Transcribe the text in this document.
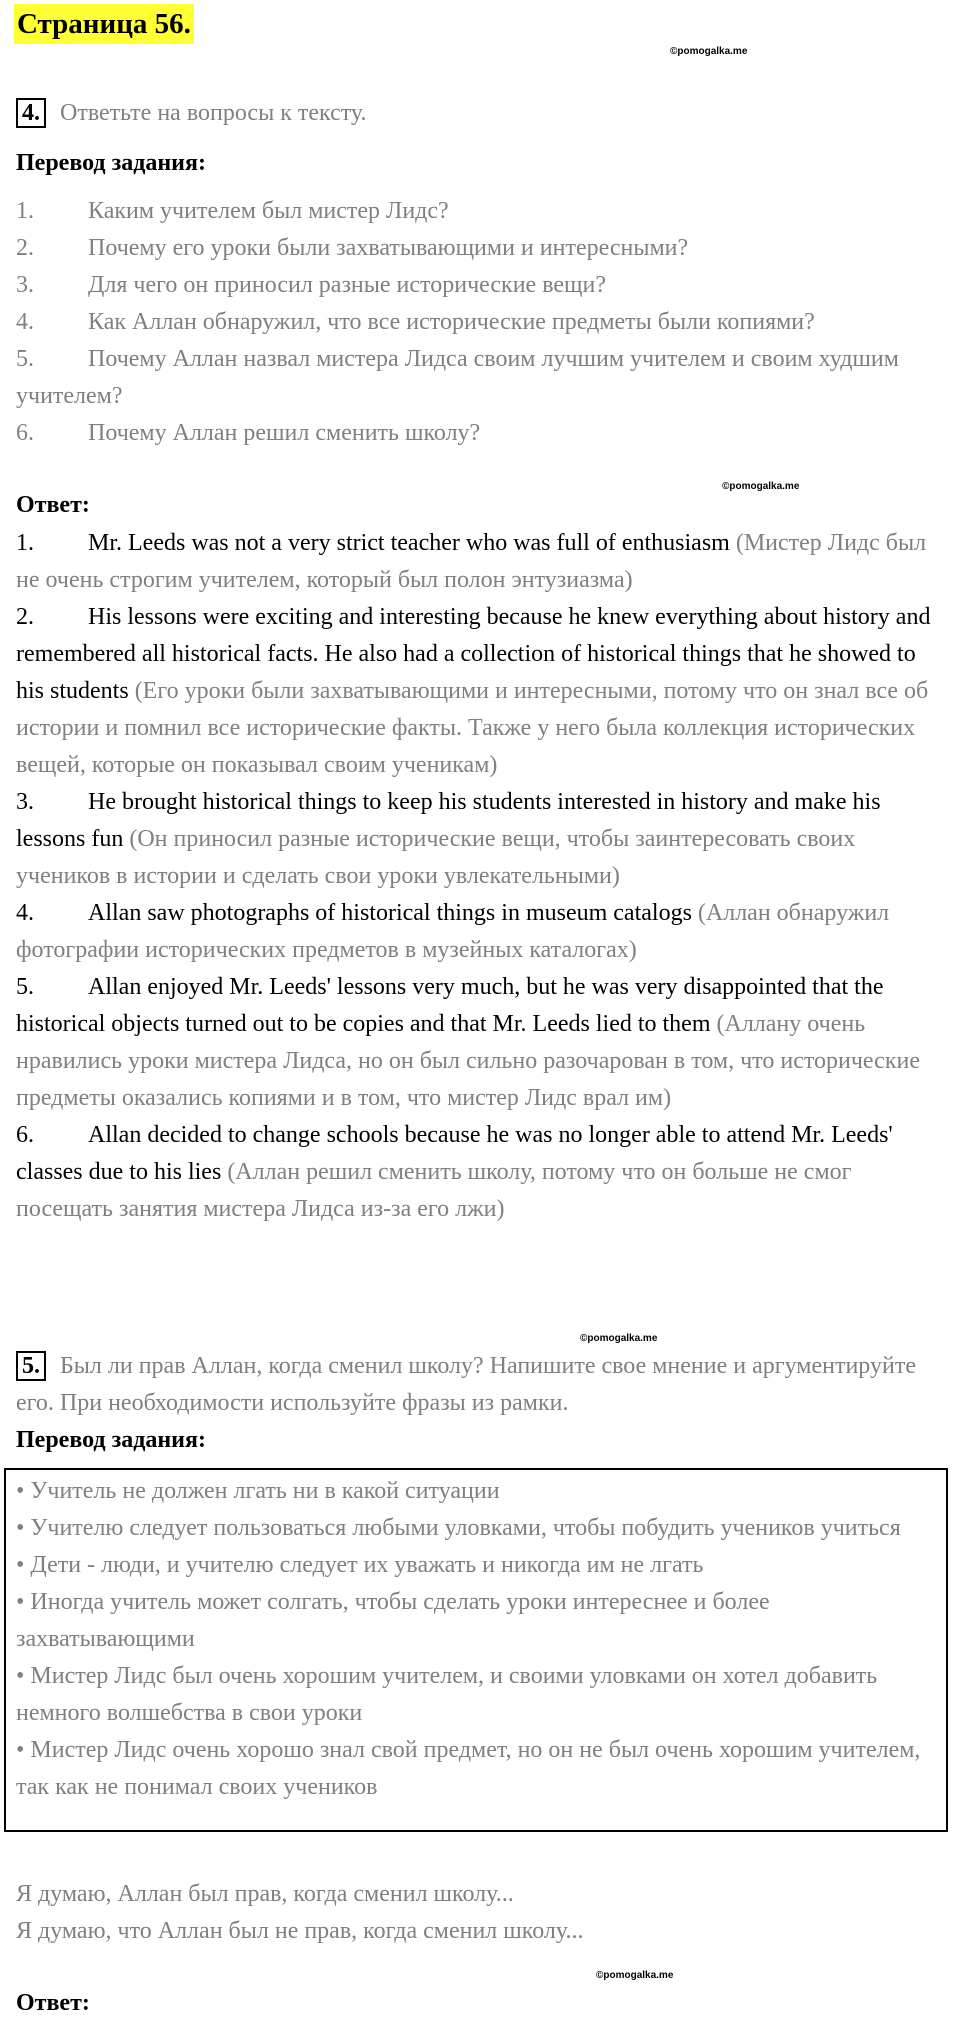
Страница 56.
©pomogalka.me
4. Ответьте на вопросы к тексту.
Перевод задания:
1. Каким учителем был мистер Лидс?
2. Почему его уроки были захватывающими и интересными?
3. Для чего он приносил разные исторические вещи?
4. Как Аллан обнаружил, что все исторические предметы были копиями?
5. Почему Аллан назвал мистера Лидса своим лучшим учителем и своим худшим учителем?
6. Почему Аллан решил сменить школу?
Ответ:
©pomogalka.me
1. Mr. Leeds was not a very strict teacher who was full of enthusiasm (Мистер Лидс был не очень строгим учителем, который был полон энтузиазма)
2. His lessons were exciting and interesting because he knew everything about history and remembered all historical facts. He also had a collection of historical things that he showed to his students (Его уроки были захватывающими и интересными, потому что он знал все об истории и помнил все исторические факты. Также у него была коллекция исторических вещей, которые он показывал своим ученикам)
3. He brought historical things to keep his students interested in history and make his lessons fun (Он приносил разные исторические вещи, чтобы заинтересовать своих учеников в истории и сделать свои уроки увлекательными)
4. Allan saw photographs of historical things in museum catalogs (Аллан обнаружил фотографии исторических предметов в музейных каталогах)
5. Allan enjoyed Mr. Leeds' lessons very much, but he was very disappointed that the historical objects turned out to be copies and that Mr. Leeds lied to them (Аллану очень нравились уроки мистера Лидса, но он был сильно разочарован в том, что исторические предметы оказались копиями и в том, что мистер Лидс врал им)
6. Allan decided to change schools because he was no longer able to attend Mr. Leeds' classes due to his lies (Аллан решил сменить школу, потому что он больше не смог посещать занятия мистера Лидса из-за его лжи)
©pomogalka.me
5. Был ли прав Аллан, когда сменил школу? Напишите свое мнение и аргументируйте его. При необходимости используйте фразы из рамки.
Перевод задания:
• Учитель не должен лгать ни в какой ситуации
• Учителю следует пользоваться любыми уловками, чтобы побудить учеников учиться
• Дети - люди, и учителю следует их уважать и никогда им не лгать
• Иногда учитель может солгать, чтобы сделать уроки интереснее и более захватывающими
• Мистер Лидс был очень хорошим учителем, и своими уловками он хотел добавить немного волшебства в свои уроки
• Мистер Лидс очень хорошо знал свой предмет, но он не был очень хорошим учителем, так как не понимал своих учеников
Я думаю, Аллан был прав, когда сменил школу...
Я думаю, что Аллан был не прав, когда сменил школу...
©pomogalka.me
Ответ:
